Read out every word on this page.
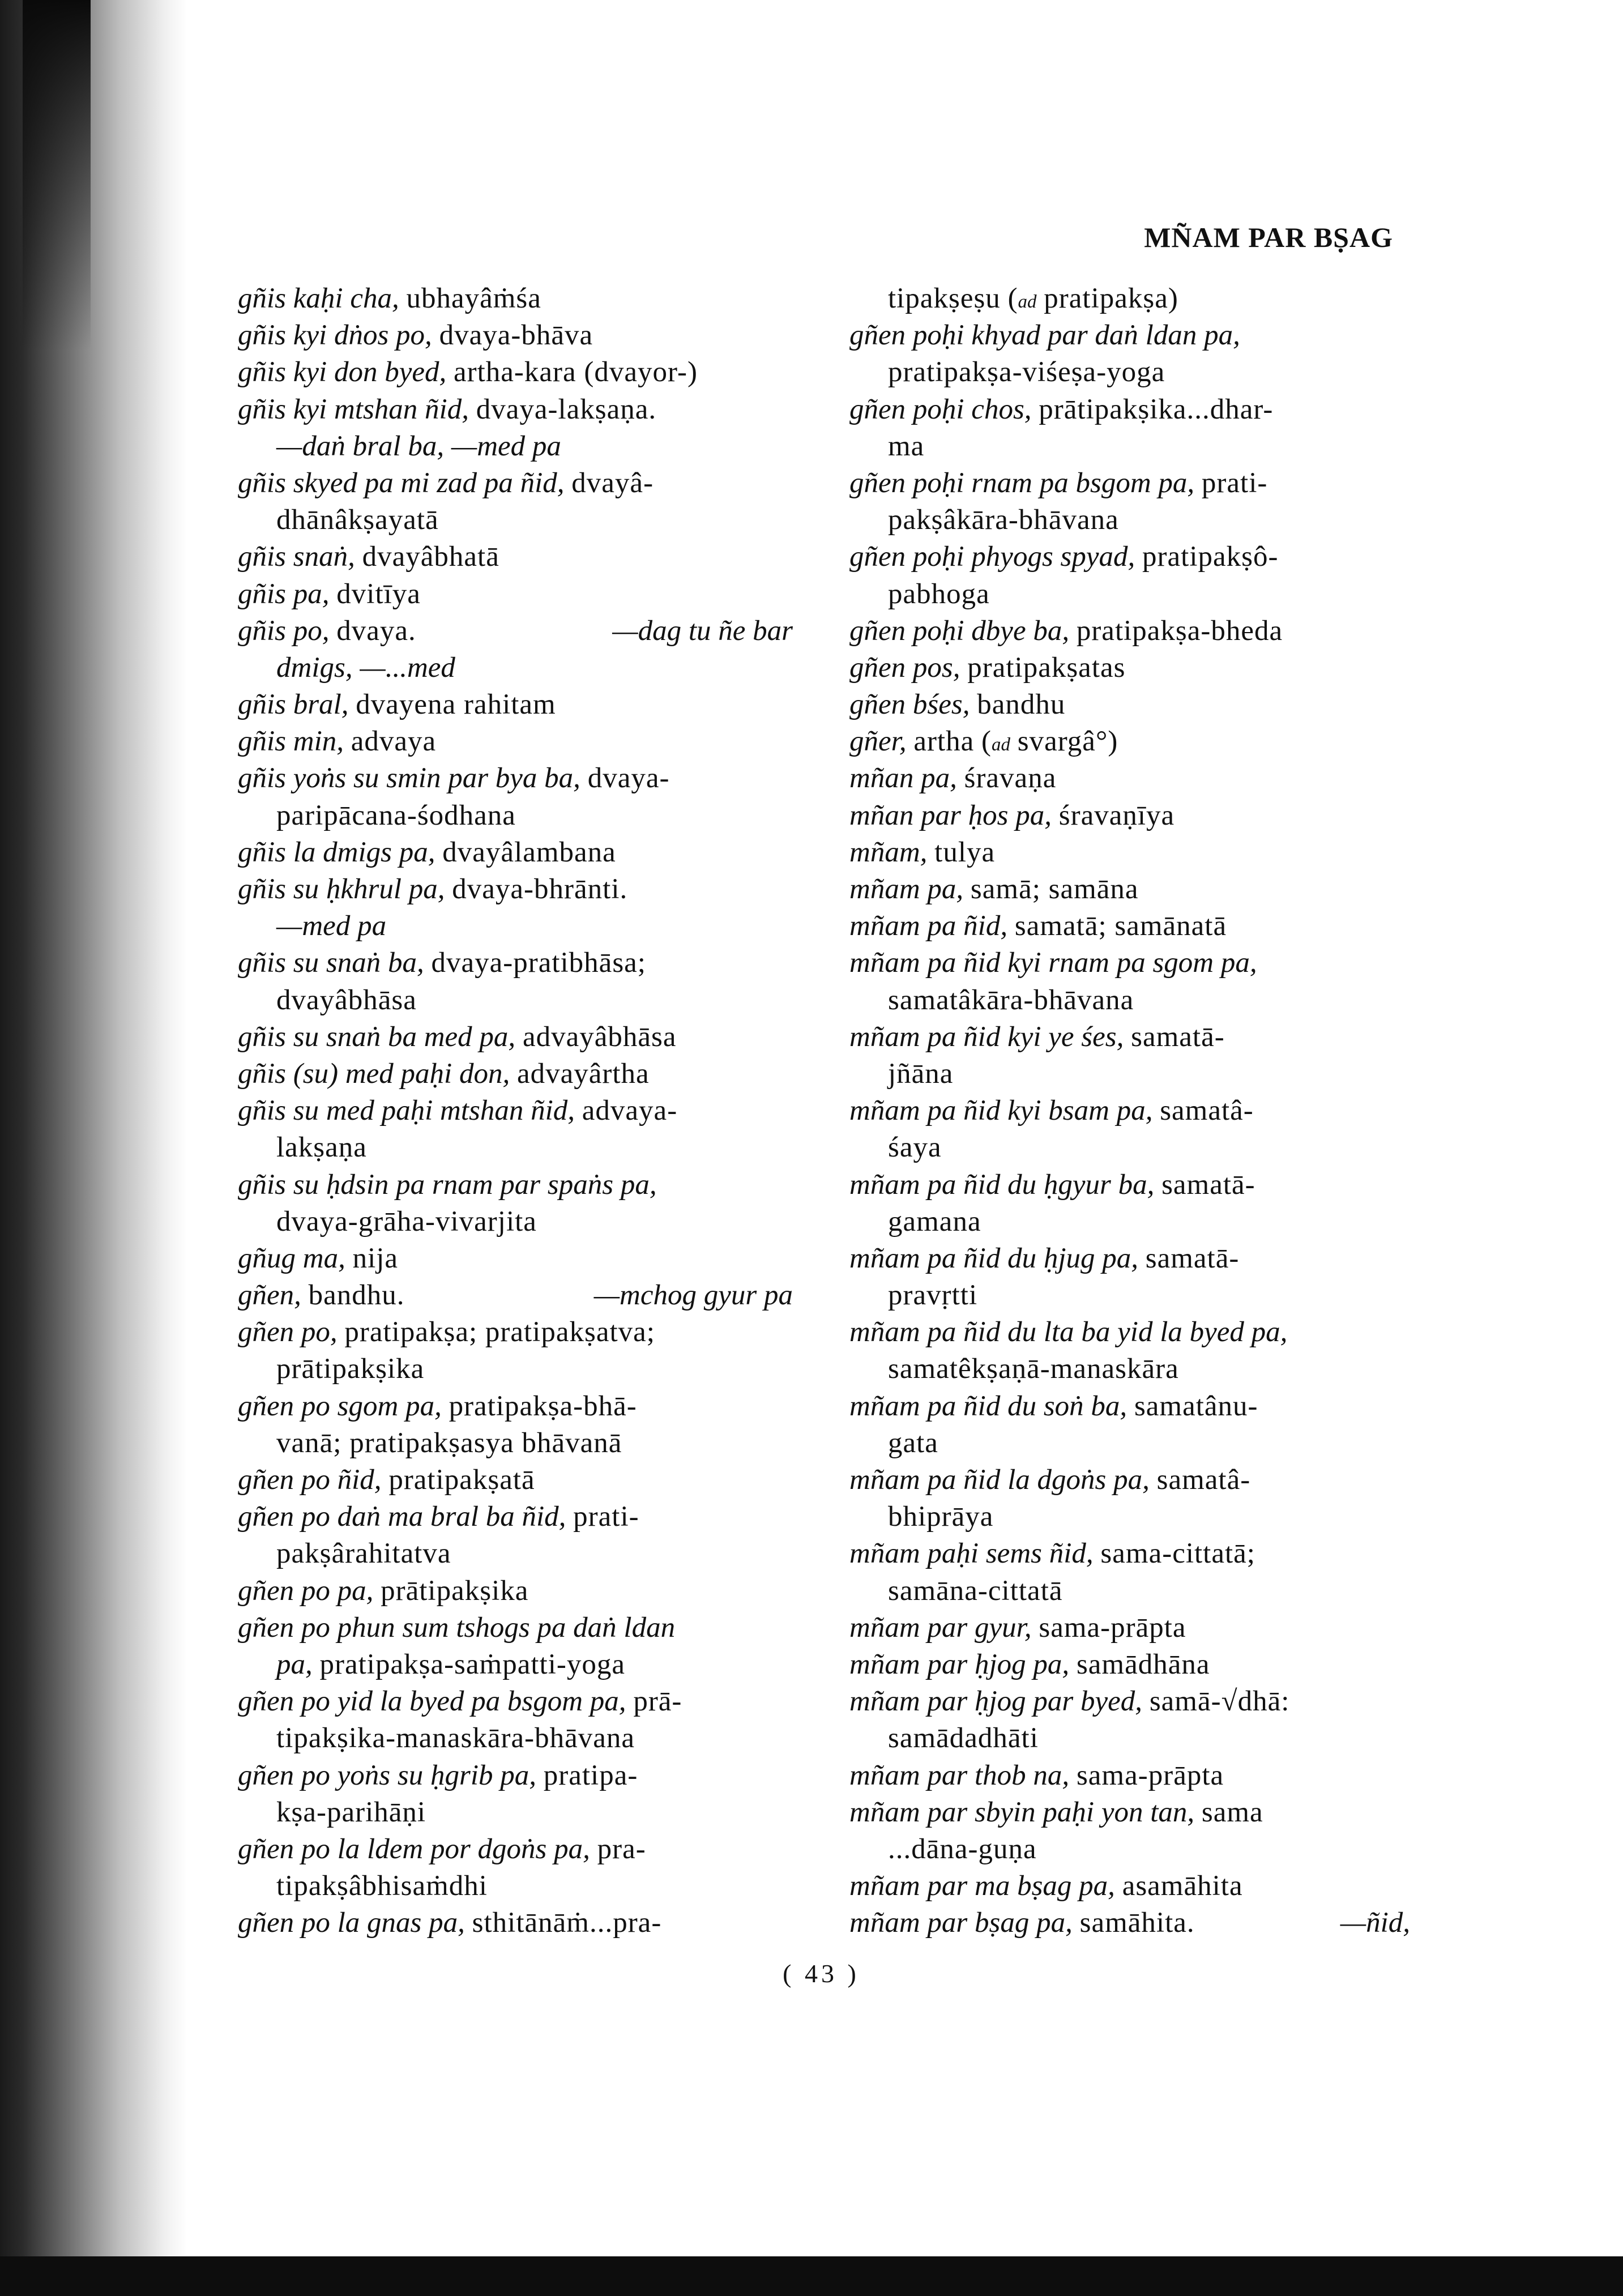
MÑAM PAR BṢAG
gñis kaḥi cha, ubhayâṁśa
gñis kyi dṅos po, dvaya-bhāva
gñis kyi don byed, artha-kara (dvayor-)
gñis kyi mtshan ñid, dvaya-lakṣaṇa.
—daṅ bral ba, —med pa
gñis skyed pa mi zad pa ñid, dvayâ-
dhānâkṣayatā
gñis snaṅ, dvayâbhatā
gñis pa, dvitīya
gñis po, dvaya.	—dag tu ñe bar
dmigs, —...med
gñis bral, dvayena rahitam
gñis min, advaya
gñis yoṅs su smin par bya ba, dvaya-
paripācana-śodhana
gñis la dmigs pa, dvayâlambana
gñis su ḥkhrul pa, dvaya-bhrānti.
—med pa
gñis su snaṅ ba, dvaya-pratibhāsa;
dvayâbhāsa
gñis su snaṅ ba med pa, advayâbhāsa
gñis (su) med paḥi don, advayârtha
gñis su med paḥi mtshan ñid, advaya-
lakṣaṇa
gñis su ḥdsin pa rnam par spaṅs pa,
dvaya-grāha-vivarjita
gñug ma, nija
gñen, bandhu.	—mchog gyur pa
gñen po, pratipakṣa; pratipakṣatva;
prātipakṣika
gñen po sgom pa, pratipakṣa-bhā-
vanā; pratipakṣasya bhāvanā
gñen po ñid, pratipakṣatā
gñen po daṅ ma bral ba ñid, prati-
pakṣârahitatva
gñen po pa, prātipakṣika
gñen po phun sum tshogs pa daṅ ldan
pa, pratipakṣa-saṁpatti-yoga
gñen po yid la byed pa bsgom pa, prā-
tipakṣika-manaskāra-bhāvana
gñen po yoṅs su ḥgrib pa, pratipa-
kṣa-parihāṇi
gñen po la ldem por dgoṅs pa, pra-
tipakṣâbhisaṁdhi
gñen po la gnas pa, sthitānāṁ...pra-
tipakṣeṣu (ad pratipakṣa)
gñen poḥi khyad par daṅ ldan pa,
pratipakṣa-viśeṣa-yoga
gñen poḥi chos, prātipakṣika...dhar-
ma
gñen poḥi rnam pa bsgom pa, prati-
pakṣâkāra-bhāvana
gñen poḥi phyogs spyad, pratipakṣô-
pabhoga
gñen poḥi dbye ba, pratipakṣa-bheda
gñen pos, pratipakṣatas
gñen bśes, bandhu
gñer, artha (ad svargâ°)
mñan pa, śravaṇa
mñan par ḥos pa, śravaṇīya
mñam, tulya
mñam pa, samā; samāna
mñam pa ñid, samatā; samānatā
mñam pa ñid kyi rnam pa sgom pa,
samatâkāra-bhāvana
mñam pa ñid kyi ye śes, samatā-
jñāna
mñam pa ñid kyi bsam pa, samatâ-
śaya
mñam pa ñid du ḥgyur ba, samatā-
gamana
mñam pa ñid du ḥjug pa, samatā-
pravṛtti
mñam pa ñid du lta ba yid la byed pa,
samatêkṣaṇā-manaskāra
mñam pa ñid du soṅ ba, samatânu-
gata
mñam pa ñid la dgoṅs pa, samatâ-
bhiprāya
mñam paḥi sems ñid, sama-cittatā;
samāna-cittatā
mñam par gyur, sama-prāpta
mñam par ḥjog pa, samādhāna
mñam par ḥjog par byed, samā-√dhā:
samādadhāti
mñam par thob na, sama-prāpta
mñam par sbyin paḥi yon tan, sama
...dāna-guṇa
mñam par ma bṣag pa, asamāhita
mñam par bṣag pa, samāhita.	—ñid,
( 43 )
